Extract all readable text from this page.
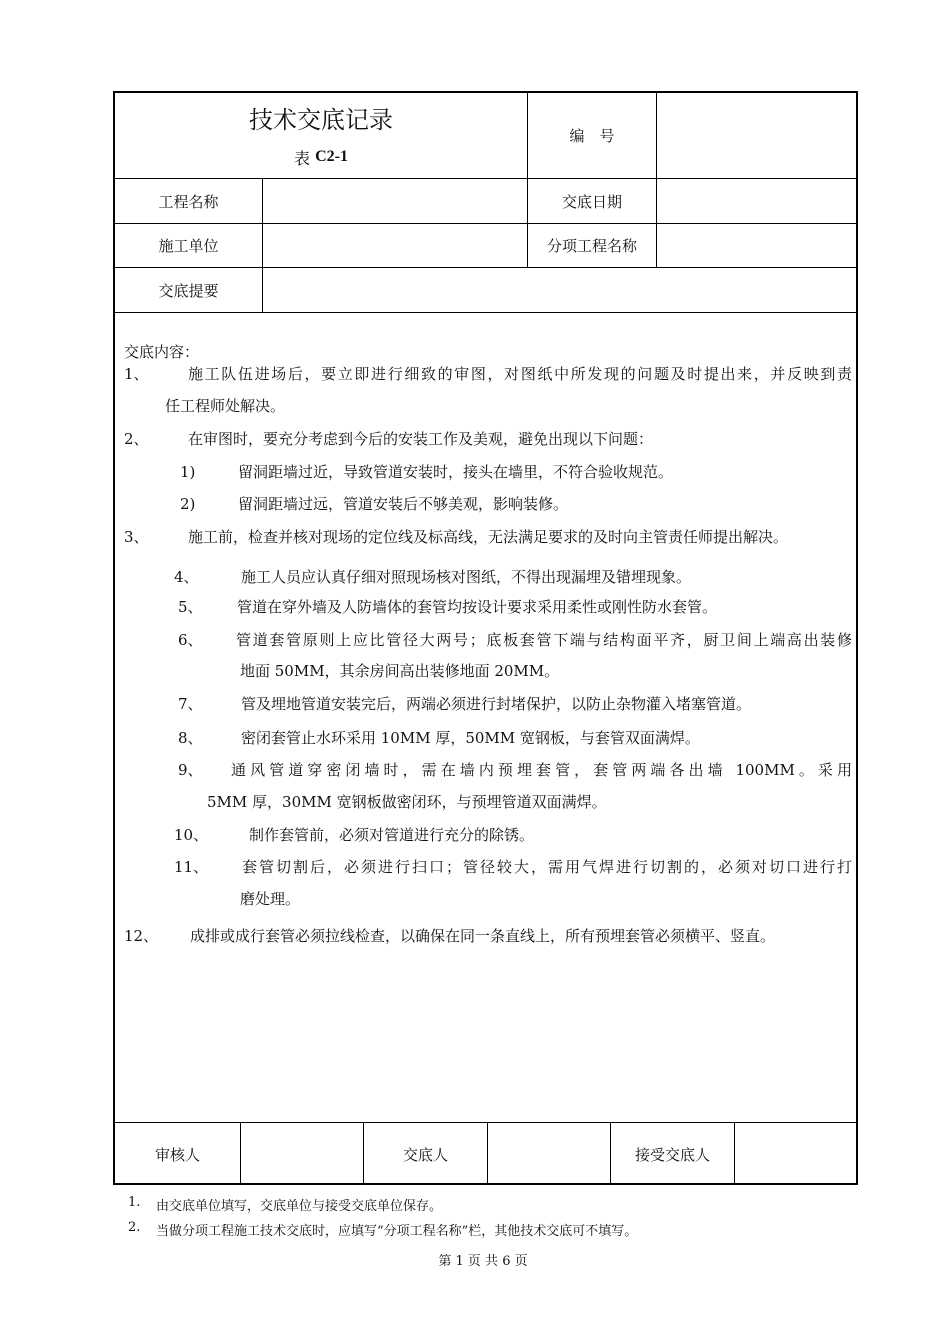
技术交底记录
表
C2-1
编　号
工程名称	交底日期
施工单位	分项工程名称
交底提要
交底内容：
1、	施工队伍进场后，要立即进行细致的审图，对图纸中所发现的问题及时提出来，并反映到责
任工程师处解决。
2、	在审图时，要充分考虑到今后的安装工作及美观，避免出现以下问题：
1)	留洞距墙过近，导致管道安装时，接头在墙里，不符合验收规范。
2)	留洞距墙过远，管道安装后不够美观，影响装修。
3、	施工前，检查并核对现场的定位线及标高线，无法满足要求的及时向主管责任师提出解决。
4、	施工人员应认真仔细对照现场核对图纸，不得出现漏埋及错埋现象。
5、 管道在穿外墙及人防墙体的套管均按设计要求采用柔性或刚性防水套管。
6、 管道套管原则上应比管径大两号；底板套管下端与结构面平齐，厨卫间上端高出装修
地面 50MM，其余房间高出装修地面 20MM。
7、	管及埋地管道安装完后，两端必须进行封堵保护，以防止杂物灌入堵塞管道。
8、	密闭套管止水环采用 10MM 厚，50MM 宽钢板，与套管双面满焊。
9、 通风管道穿密闭墙时，需在墙内预埋套管，套管两端各出墙 100MM。采用
5MM 厚，30MM 宽钢板做密闭环，与预埋管道双面满焊。
10、	制作套管前，必须对管道进行充分的除锈。
11、 套管切割后，必须进行扫口；管径较大，需用气焊进行切割的，必须对切口进行打
磨处理。
12、 成排或成行套管必须拉线检查，以确保在同一条直线上，所有预埋套管必须横平、竖直。
审核人	交底人	接受交底人
1. 由交底单位填写，交底单位与接受交底单位保存。
2. 当做分项工程施工技术交底时，应填写“分项工程名称”栏，其他技术交底可不填写。
第 1 页 共 6 页
